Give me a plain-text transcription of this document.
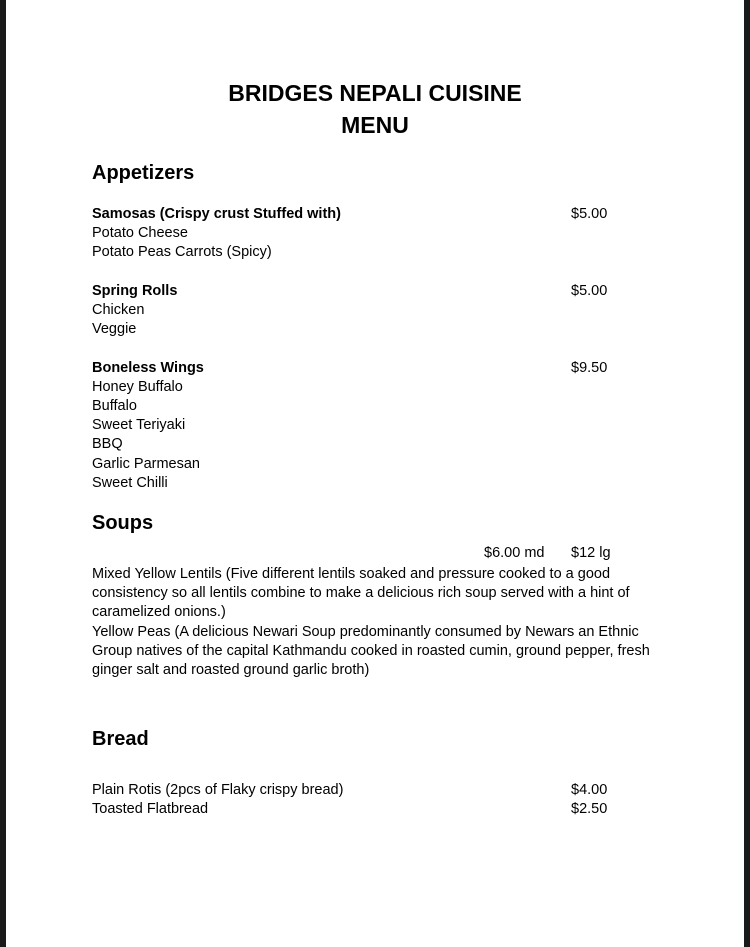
BRIDGES NEPALI CUISINE
MENU
Appetizers
Samosas (Crispy crust Stuffed with)	$5.00
Potato Cheese
Potato Peas Carrots (Spicy)
Spring Rolls	$5.00
Chicken
Veggie
Boneless Wings	$9.50
Honey Buffalo
Buffalo
Sweet Teriyaki
BBQ
Garlic Parmesan
Sweet Chilli
Soups
$6.00 md $12 lg
Mixed Yellow Lentils (Five different lentils soaked and pressure cooked to a good consistency so all lentils combine to make a delicious rich soup served with a hint of caramelized onions.)
Yellow Peas (A delicious Newari Soup predominantly consumed by Newars an Ethnic Group natives of the capital Kathmandu cooked in roasted cumin, ground pepper, fresh ginger salt and roasted ground garlic broth)
Bread
Plain Rotis (2pcs of Flaky crispy bread)	$4.00
Toasted Flatbread	$2.50
